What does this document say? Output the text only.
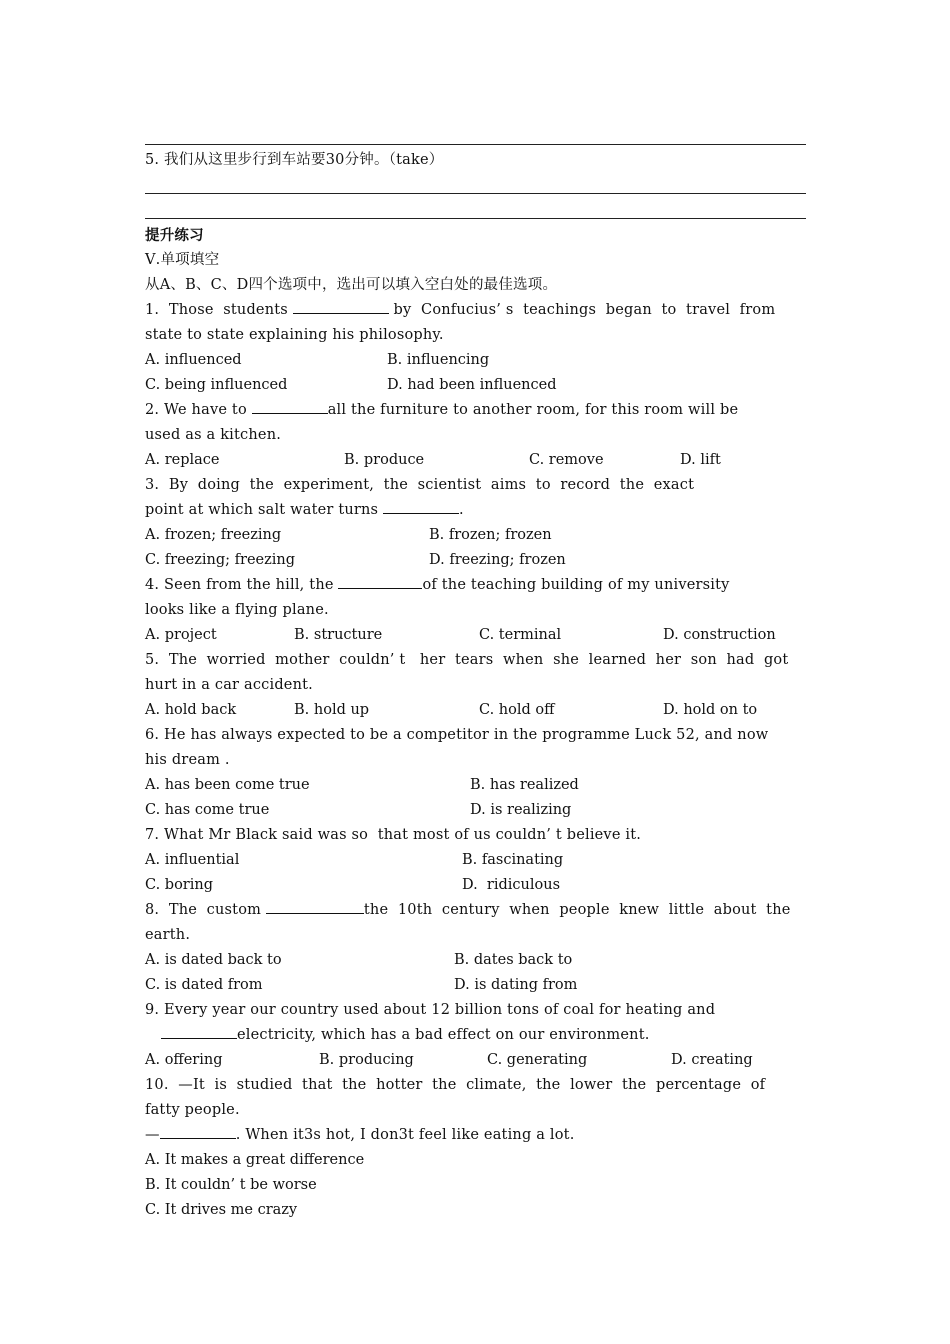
5. 我们从这里步行到车站要30分钟。（take）
提升练习
Ⅴ.单项填空
从A、B、C、D四个选项中，选出可以填入空白处的最佳选项。
1.  Those  students	by  Confucius’ s  teachings  began  to  travel  from
state to state explaining his philosophy.
A. influenced	B. influencing
C. being influenced	D. had been influenced
2. We have to	all the furniture to another room, for this room will be
used as a kitchen.
A. replace	B. produce	C. remove	D. lift
3.  By  doing  the  experiment,  the  scientist  aims  to  record  the  exact
point at which salt water turns	.
A. frozen; freezing	B. frozen; frozen
C. freezing; freezing	D. freezing; frozen
4. Seen from the hill, the	of the teaching building of my university
looks like a flying plane.
A. project	B. structure	C. terminal	D. construction
5.  The  worried  mother  couldn’ t   her  tears  when  she  learned  her  son  had  got
hurt in a car accident.
A. hold back	B. hold up	C. hold off	D. hold on to
6. He has always expected to be a competitor in the programme Luck 52, and now
his dream .
A. has been come true	B. has realized
C. has come true	D. is realizing
7. What Mr Black said was so  that most of us couldn’ t believe it.
A. influential	B. fascinating
C. boring	D.  ridiculous
8.  The  custom	the  10th  century  when  people  knew  little  about  the
earth.
A. is dated back to	B. dates back to
C. is dated from	D. is dating from
9. Every year our country used about 12 billion tons of coal for heating and
electricity, which has a bad effect on our environment.
A. offering	B. producing	C. generating	D. creating
10.  —It  is  studied  that  the  hotter  the  climate,  the  lower  the  percentage  of
fatty people.
—	. When it3s hot, I don3t feel like eating a lot.
A. It makes a great difference
B. It couldn’ t be worse
C. It drives me crazy
